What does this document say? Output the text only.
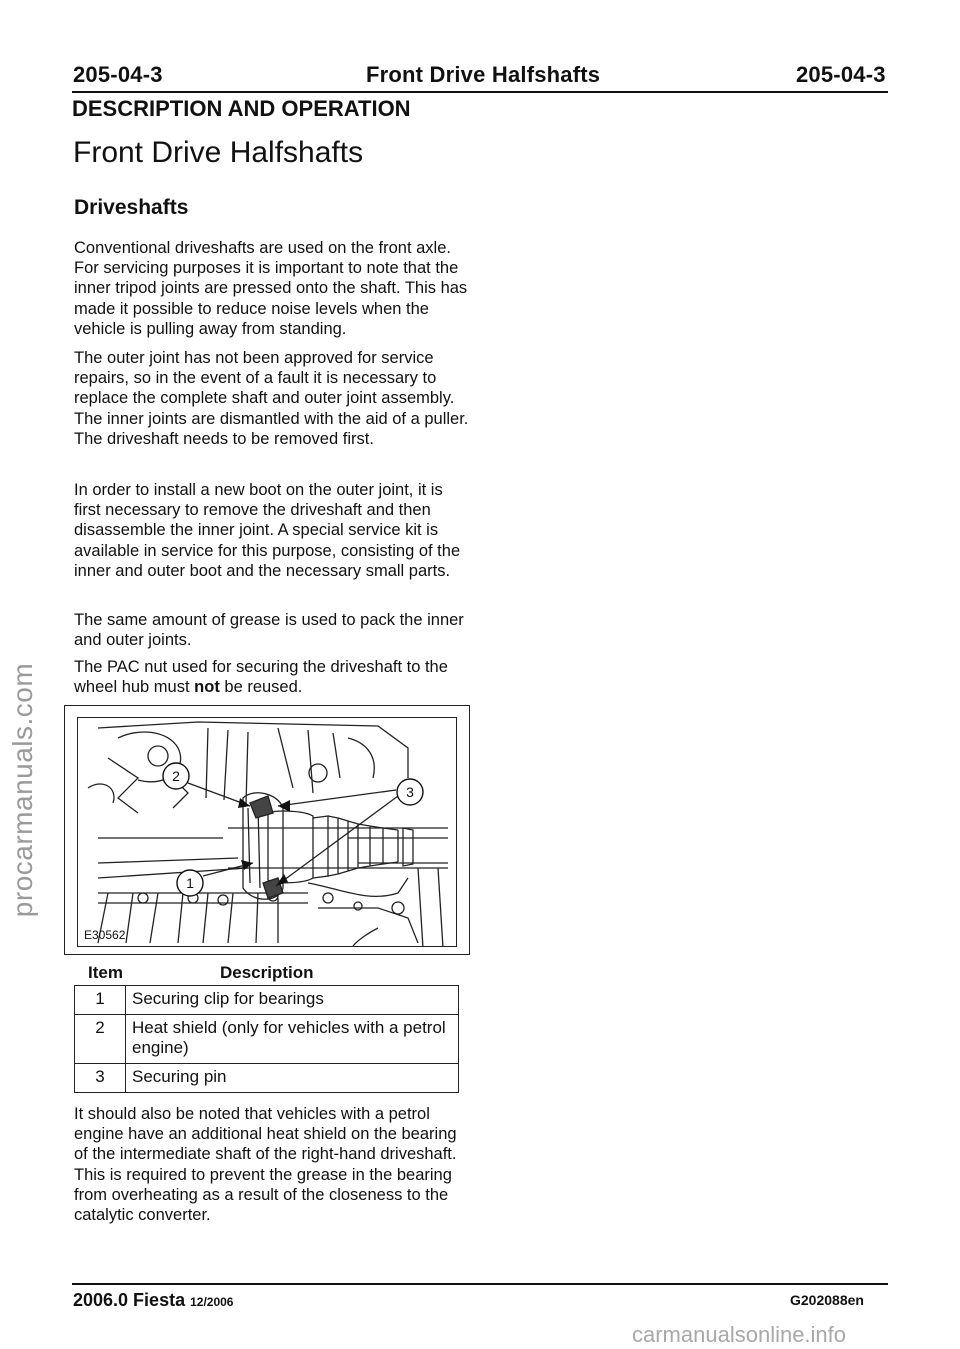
205-04-3	Front Drive Halfshafts	205-04-3
DESCRIPTION AND OPERATION
Front Drive Halfshafts
Driveshafts

Conventional driveshafts are used on the front axle. For servicing purposes it is important to note that the inner tripod joints are pressed onto the shaft. This has made it possible to reduce noise levels when the vehicle is pulling away from standing.

The outer joint has not been approved for service repairs, so in the event of a fault it is necessary to replace the complete shaft and outer joint assembly. The inner joints are dismantled with the aid of a puller. The driveshaft needs to be removed first.

In order to install a new boot on the outer joint, it is first necessary to remove the driveshaft and then disassemble the inner joint. A special service kit is available in service for this purpose, consisting of the inner and outer boot and the necessary small parts.

The same amount of grease is used to pack the inner and outer joints.

The PAC nut used for securing the driveshaft to the wheel hub must not be reused.

2
3
1
E30562
Item	Description
1	Securing clip for bearings
2	Heat shield (only for vehicles with a petrol engine)
3	Securing pin

It should also be noted that vehicles with a petrol engine have an additional heat shield on the bearing of the intermediate shaft of the right-hand driveshaft. This is required to prevent the grease in the bearing from overheating as a result of the closeness to the catalytic converter.

2006.0 Fiesta 12/2006	G202088en
procarmanuals.com
carmanualsonline.info
